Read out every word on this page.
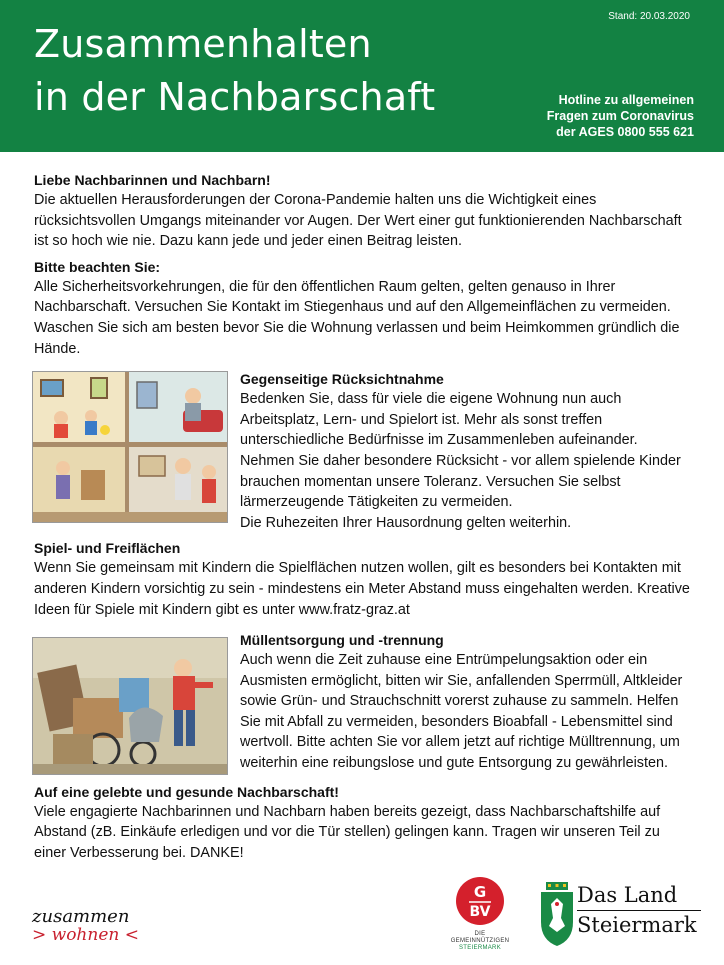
Zusammenhalten
in der Nachbarschaft
Stand: 20.03.2020
Hotline zu allgemeinen
Fragen zum Coronavirus
der AGES 0800 555 621

Liebe Nachbarinnen und Nachbarn!

Die aktuellen Herausforderungen der Corona-Pandemie halten uns die Wichtigkeit eines rücksichtsvollen Umgangs miteinander vor Augen. Der Wert einer gut funktionierenden Nachbarschaft ist so hoch wie nie. Dazu kann jede und jeder einen Beitrag leisten.

Bitte beachten Sie:

Alle Sicherheitsvorkehrungen, die für den öffentlichen Raum gelten, gelten genauso in Ihrer Nachbarschaft. Versuchen Sie Kontakt im Stiegenhaus und auf den Allgemeinflächen zu vermeiden. Waschen Sie sich am besten bevor Sie die Wohnung verlassen und beim Heimkommen gründlich die Hände.

Gegenseitige Rücksichtnahme

Bedenken Sie, dass für viele die eigene Wohnung nun auch Arbeitsplatz, Lern- und Spielort ist. Mehr als sonst treffen unterschiedliche Bedürfnisse im Zusammenleben aufeinander. Nehmen Sie daher besondere Rücksicht - vor allem spielende Kinder brauchen momentan unsere Toleranz. Versuchen Sie selbst lärmerzeugende Tätigkeiten zu vermeiden.

Die Ruhezeiten Ihrer Hausordnung gelten weiterhin.

Spiel- und Freiflächen

Wenn Sie gemeinsam mit Kindern die Spielflächen nutzen wollen, gilt es besonders bei Kontakten mit anderen Kindern vorsichtig zu sein - mindestens ein Meter Abstand muss eingehalten werden. Kreative Ideen für Spiele mit Kindern gibt es unter www.fratz-graz.at

Müllentsorgung und -trennung

Auch wenn die Zeit zuhause eine Entrümpelungsaktion oder ein Ausmisten ermöglicht, bitten wir Sie, anfallenden Sperrmüll, Altkleider sowie Grün- und Strauchschnitt vorerst zuhause zu sammeln. Helfen Sie mit Abfall zu vermeiden, besonders Bioabfall - Lebensmittel sind wertvoll. Bitte achten Sie vor allem jetzt auf richtige Mülltrennung, um weiterhin eine reibungslose und gute Entsorgung zu gewährleisten.

Auf eine gelebte und gesunde Nachbarschaft!

Viele engagierte Nachbarinnen und Nachbarn haben bereits gezeigt, dass Nachbarschaftshilfe auf Abstand (zB. Einkäufe erledigen und vor die Tür stellen) gelingen kann. Tragen wir unseren Teil zu einer Verbesserung bei. DANKE!

zusammen
> wohnen <
G
BV
DIE
GEMEINNÜTZIGEN
STEIERMARK
Das Land
Steiermark
